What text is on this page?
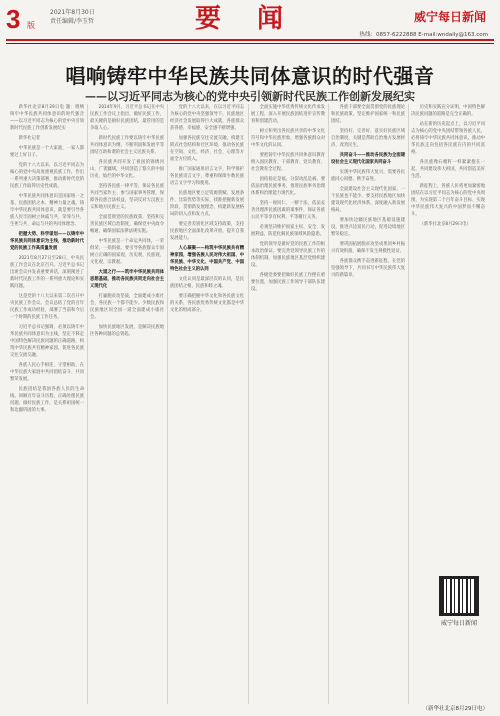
3 版
2021年8月30日
责任编辑/李玉哲	要闻	威宁每日新闻
热线：0857-6222888 E-mail:wndaily@163.com
唱响铸牢中华民族共同体意识的时代强音
——以习近平同志为核心的党中央引领新时代民族工作创新发展纪实

新华社北京8月29日电 题：唱响铸牢中华民族共同体意识的时代强音——以习近平同志为核心的党中央引领新时代民族工作创新发展纪实

新华社记者

中华民族是一个大家庭，一家人都要过上好日子。

党的十八大以来，以习近平同志为核心的党中央高度重视民族工作，作出一系列重大决策部署，推动新时代党的民族工作取得历史性成就。

中华民族共同体意识是国家统一之基、民族团结之本、精神力量之魂。铸牢中华民族共同体意识，就是要引导各族人民牢固树立休戚与共、荣辱与共、生死与共、命运与共的共同体理念。

把握大势、科学谋划——以铸牢中华民族共同体意识为主线，推动新时代党的民族工作高质量发展

2021年8月27日至28日，中央民族工作会议在北京召开。习近平总书记出席会议并发表重要讲话，深刻阐述了新时代民族工作的一系列重大理论和实践问题。

这是党的十八大以来第二次召开中央民族工作会议。会议总结了党的百年民族工作成功经验，部署了当前和今后一个时期的民族工作任务。

习近平总书记强调，必须以铸牢中华民族共同体意识为主线，坚定不移走中国特色解决民族问题的正确道路，构筑中华民族共有精神家园，促进各民族交往交流交融。

各族人民心手相连、守望相助，在中华民族大家庭中共同团结奋斗、共同繁荣发展。

民族团结是我国各族人民的生命线。回顾百年奋斗历程，正确处理民族问题、做好民族工作，是关系祖国统一和边疆巩固的大事。

2014年9月，习近平总书记在中央民族工作会议上指出，做好民族工作，最关键的是搞好民族团结，最管用的是争取人心。

新时代民族工作要以铸牢中华民族共同体意识为纲，不断巩固和发展平等团结互助和谐的社会主义民族关系。

各民族共同开发了祖国的锦绣河山、广袤疆域，共同创造了悠久的中国历史、灿烂的中华文化。

坚持各民族一律平等，保证各民族共同当家作主、参与国家事务管理，保障各民族合法权益，坚决反对大汉族主义和地方民族主义。

全面贯彻党的民族政策，坚持和完善民族区域自治制度，确保党中央政令畅通，确保国家法律法规实施。

中华民族是一个命运共同体，一荣俱荣、一损俱损。要引导各族群众牢固树立正确的国家观、历史观、民族观、文化观、宗教观。

大道之行——筑牢中华民族共同体思想基础，推动各民族共同走向社会主义现代化

打赢脱贫攻坚战，全面建成小康社会，各民族一个都不能少。少数民族和民族地区同全国一道全面建成小康社会。

加快民族地区发展，是解决民族地区各种问题的总钥匙。

党的十八大以来，在以习近平同志为核心的党中央坚强领导下，民族地区经济社会发展取得巨大成就，各族群众获得感、幸福感、安全感不断增强。

加强各民族交往交流交融，构建互嵌式社会结构和社区环境，推动各民族在空间、文化、经济、社会、心理等方面全方位嵌入。

推广国家通用语言文字，科学保护各民族语言文字，尊重和保障少数民族语言文字学习和使用。

民族地区要立足资源禀赋、发展条件、比较优势等实际，找准把握新发展阶段、贯彻新发展理念、构建新发展格局的切入点和发力点。

要完善差别化区域支持政策，支持民族地区全面深化改革开放，提升自我发展能力。

人心凝聚——构筑中华民族共有精神家园，增强各族人民对伟大祖国、中华民族、中华文化、中国共产党、中国特色社会主义的认同

文化认同是最深层次的认同，是民族团结之根、民族和睦之魂。

要正确把握中华文化和各民族文化的关系，各民族优秀传统文化都是中华文化的组成部分。

全面实施中华优秀传统文化传承发展工程，深入开展民族团结进步宣传教育和创建活动。

树立和突出各民族共享的中华文化符号和中华民族形象，增强各族群众对中华文化的认同。

要把铸牢中华民族共同体意识教育纳入国民教育、干部教育、党员教育、社会教育全过程。

团结稳定是福，分裂动乱是祸。要依法治理民族事务，推进民族事务治理体系和治理能力现代化。

坚持一视同仁、一断于法，依法妥善处理涉民族因素的案事件，保证各族公民平等享有权利、平等履行义务。

必须坚决维护国家主权、安全、发展利益，防范化解民族领域风险隐患。

党的领导是做好党的民族工作的根本政治保证。要完善党领导民族工作的体制机制，加强民族地区基层党组织建设。

各级党委要把做好民族工作摆在重要位置，加强民族工作领导干部队伍建设。

各族干部要全面贯彻党的民族理论和民族政策，坚定维护国家统一和民族团结。

坚持好、完善好、落实好民族区域自治制度，关键是帮助自治地方发展经济、改善民生。

共同奋斗——推动各民族为全面建设社会主义现代化国家共同奋斗

实现中华民族伟大复兴，需要各民族同心同德、携手奋进。

全面建设社会主义现代化国家，一个民族也不能少。要支持民族地区加快建设现代化经济体系，深度融入新发展格局。

要加快边疆民族地区基础设施建设，推进兴边富民行动，促进边境地区繁荣稳定。

要巩固拓展脱贫攻坚成果同乡村振兴有效衔接，确保不发生规模性返贫。

各族群众携手奋进新征程，在党的坚强领导下，共同书写中华民族伟大复兴的新篇章。

历史和实践充分证明，中国特色解决民族问题的道路是完全正确的。

站在新的历史起点上，以习近平同志为核心的党中央团结带领各族人民，必将铸牢中华民族共同体意识，推动中华民族走向包括各民族在内的共同富裕。

各民族像石榴籽一样紧紧抱在一起，共同建设伟大祖国，共同创造美好生活。

新征程上，各族人民将更加紧密地团结在以习近平同志为核心的党中央周围，为实现第二个百年奋斗目标、实现中华民族伟大复兴的中国梦而不懈奋斗。

（新华社北京8月29日电）

威宁每日新闻
（新华社北京8月29日电）
